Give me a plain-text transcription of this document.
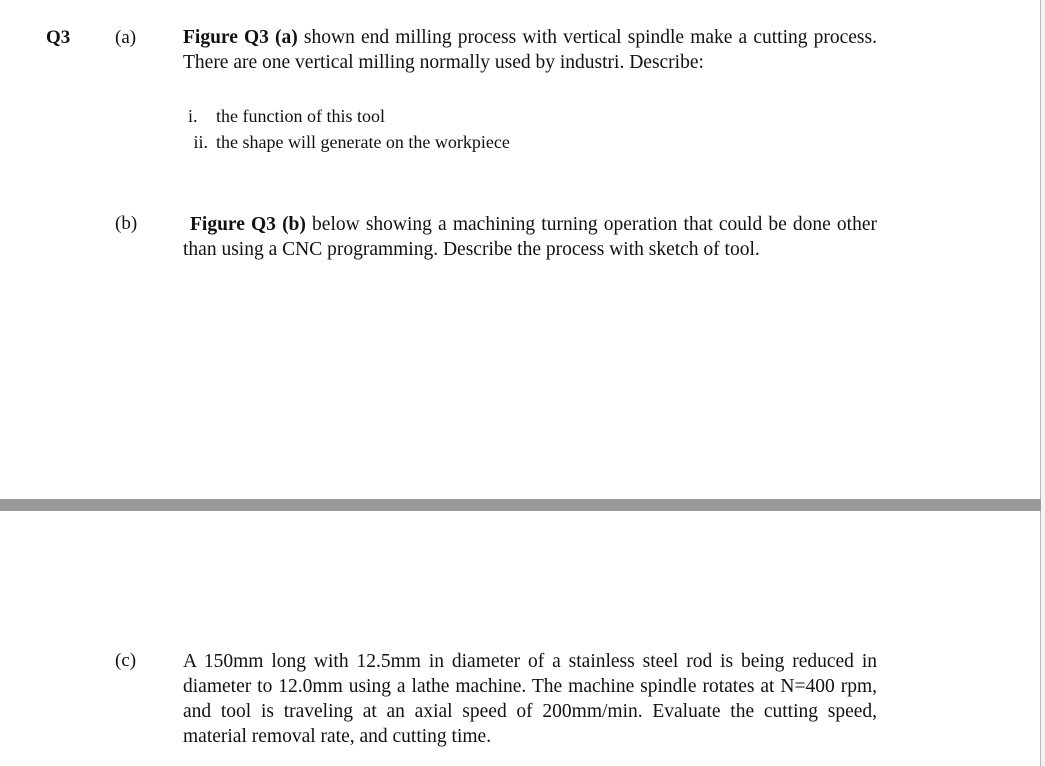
Q3 (a) Figure Q3 (a) shown end milling process with vertical spindle make a cutting process. There are one vertical milling normally used by industri. Describe:

i. the function of this tool
ii. the shape will generate on the workpiece
(b)	Figure Q3 (b) below showing a machining turning operation that could be done other than using a CNC programming. Describe the process with sketch of tool.

(c) A 150mm long with 12.5mm in diameter of a stainless steel rod is being reduced in diameter to 12.0mm using a lathe machine. The machine spindle rotates at N=400 rpm, and tool is traveling at an axial speed of 200mm/min. Evaluate the cutting speed, material removal rate, and cutting time.
